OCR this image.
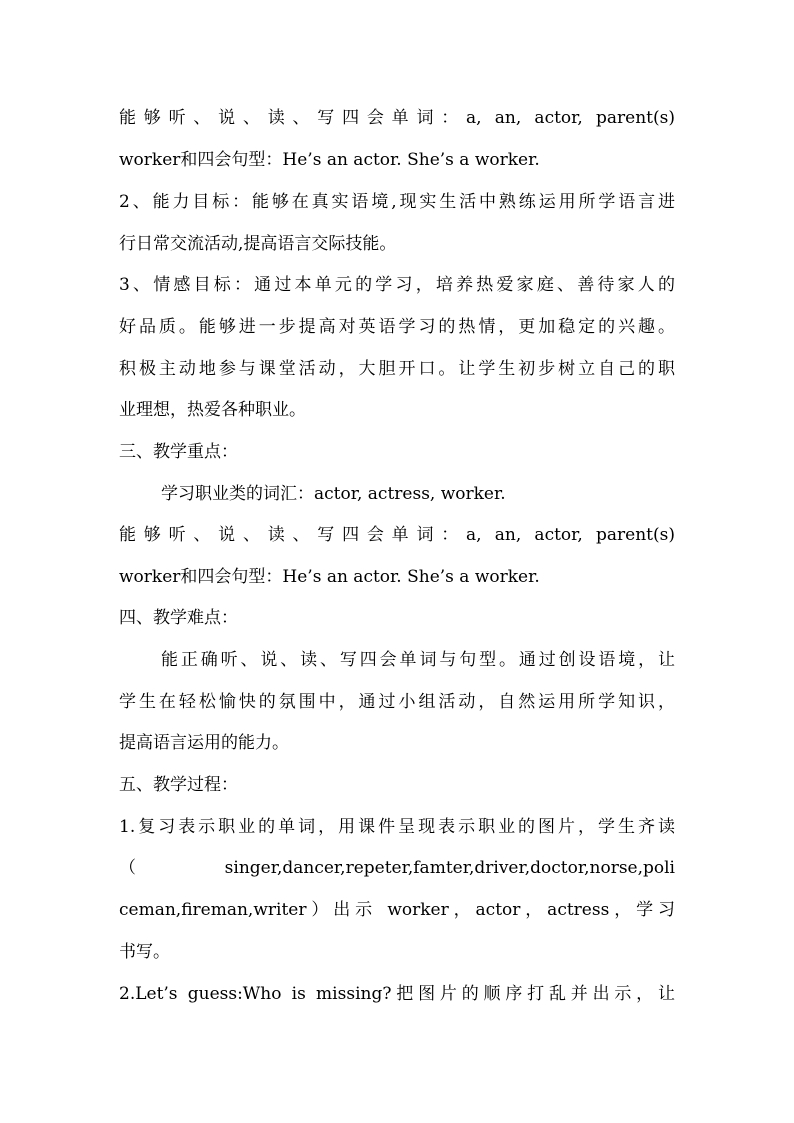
能够听、说、读、写四会单词：a, an, actor, parent(s)
worker和四会句型：He’s an actor. She’s a worker.
2、能力目标：能够在真实语境,现实生活中熟练运用所学语言进
行日常交流活动,提高语言交际技能。
3、情感目标：通过本单元的学习，培养热爱家庭、善待家人的
好品质。能够进一步提高对英语学习的热情，更加稳定的兴趣。
积极主动地参与课堂活动，大胆开口。让学生初步树立自己的职
业理想，热爱各种职业。
三、教学重点：
学习职业类的词汇：actor, actress, worker.
能够听、说、读、写四会单词：a, an, actor, parent(s)
worker和四会句型：He’s an actor. She’s a worker.
四、教学难点：
能正确听、说、读、写四会单词与句型。通过创设语境，让
学生在轻松愉快的氛围中，通过小组活动，自然运用所学知识，
提高语言运用的能力。
五、教学过程：
1.复习表示职业的单词，用课件呈现表示职业的图片，学生齐读
（singer,dancer,repeter,famter,driver,doctor,norse,poli
ceman,fireman,writer）出示 worker，actor，actress，学习
书写。
2.Let’s guess:Who is missing?把图片的顺序打乱并出示，让
